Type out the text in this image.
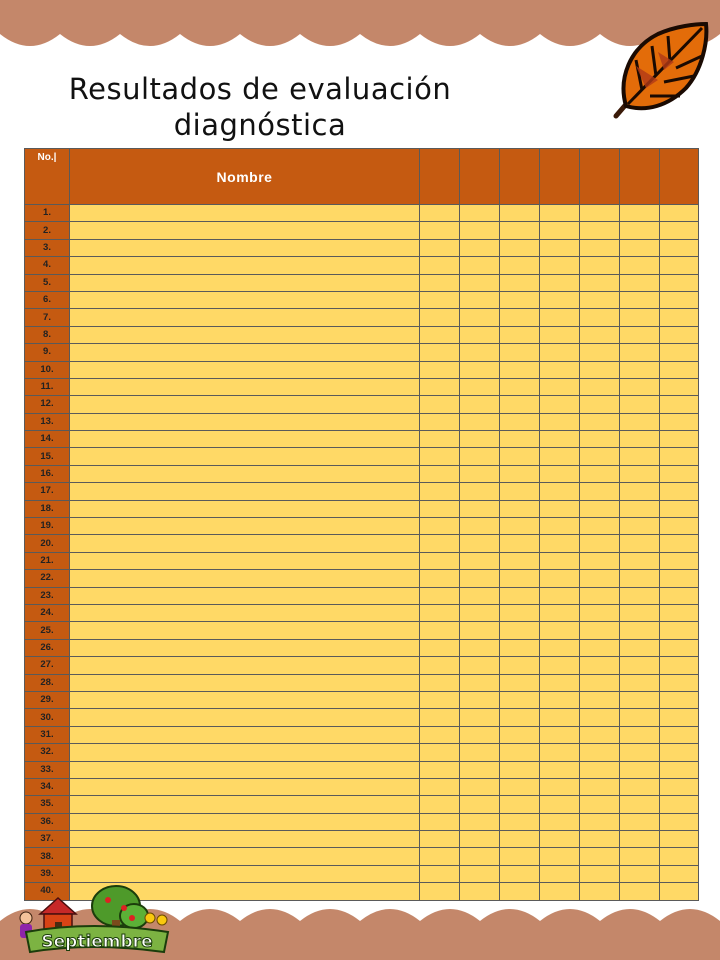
Resultados de evaluación
diagnóstica
No.|	Nombre							
1.								
2.								
3.								
4.								
5.								
6.								
7.								
8.								
9.								
10.								
11.								
12.								
13.								
14.								
15.								
16.								
17.								
18.								
19.								
20.								
21.								
22.								
23.								
24.								
25.								
26.								
27.								
28.								
29.								
30.								
31.								
32.								
33.								
34.								
35.								
36.								
37.								
38.								
39.								
40.								
Septiembre
